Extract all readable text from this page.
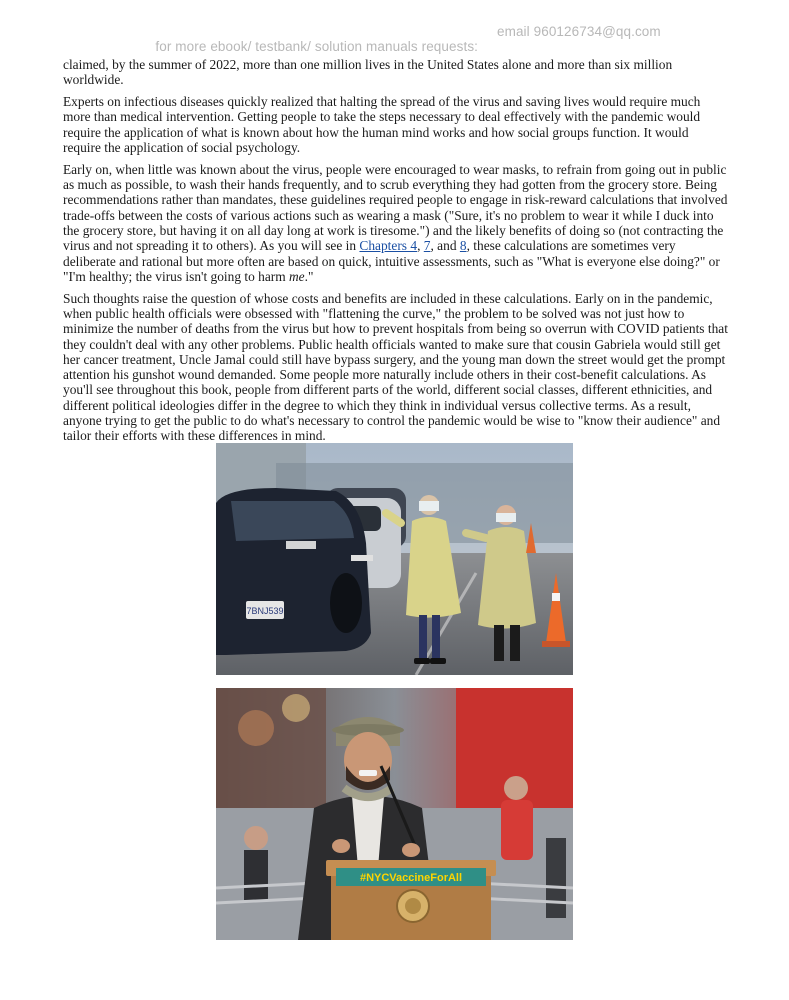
for more ebook/ testbank/ solution manuals requests:

email 960126734@qq.com

claimed, by the summer of 2022, more than one million lives in the United States alone and more than six million worldwide.

Experts on infectious diseases quickly realized that halting the spread of the virus and saving lives would require much more than medical intervention. Getting people to take the steps necessary to deal effectively with the pandemic would require the application of what is known about how the human mind works and how social groups function. It would require the application of social psychology.

Early on, when little was known about the virus, people were encouraged to wear masks, to refrain from going out in public as much as possible, to wash their hands frequently, and to scrub everything they had gotten from the grocery store. Being recommendations rather than mandates, these guidelines required people to engage in risk-reward calculations that involved trade-offs between the costs of various actions such as wearing a mask ("Sure, it's no problem to wear it while I duck into the grocery store, but having it on all day long at work is tiresome.") and the likely benefits of doing so (not contracting the virus and not spreading it to others). As you will see in Chapters 4, 7, and 8, these calculations are sometimes very deliberate and rational but more often are based on quick, intuitive assessments, such as "What is everyone else doing?" or "I'm healthy; the virus isn't going to harm me."

Such thoughts raise the question of whose costs and benefits are included in these calculations. Early on in the pandemic, when public health officials were obsessed with "flattening the curve," the problem to be solved was not just how to minimize the number of deaths from the virus but how to prevent hospitals from being so overrun with COVID patients that they couldn't deal with any other problems. Public health officials wanted to make sure that cousin Gabriela would still get her cancer treatment, Uncle Jamal could still have bypass surgery, and the young man down the street would get the prompt attention his gunshot wound demanded. Some people more naturally include others in their cost-benefit calculations. As you'll see throughout this book, people from different parts of the world, different social classes, different ethnicities, and different political ideologies differ in the degree to which they think in individual versus collective terms. As a result, anyone trying to get the public to do what's necessary to control the pandemic would be wise to "know their audience" and tailor their efforts with these differences in mind.

7BNJ539
#NYCVaccineForAll
